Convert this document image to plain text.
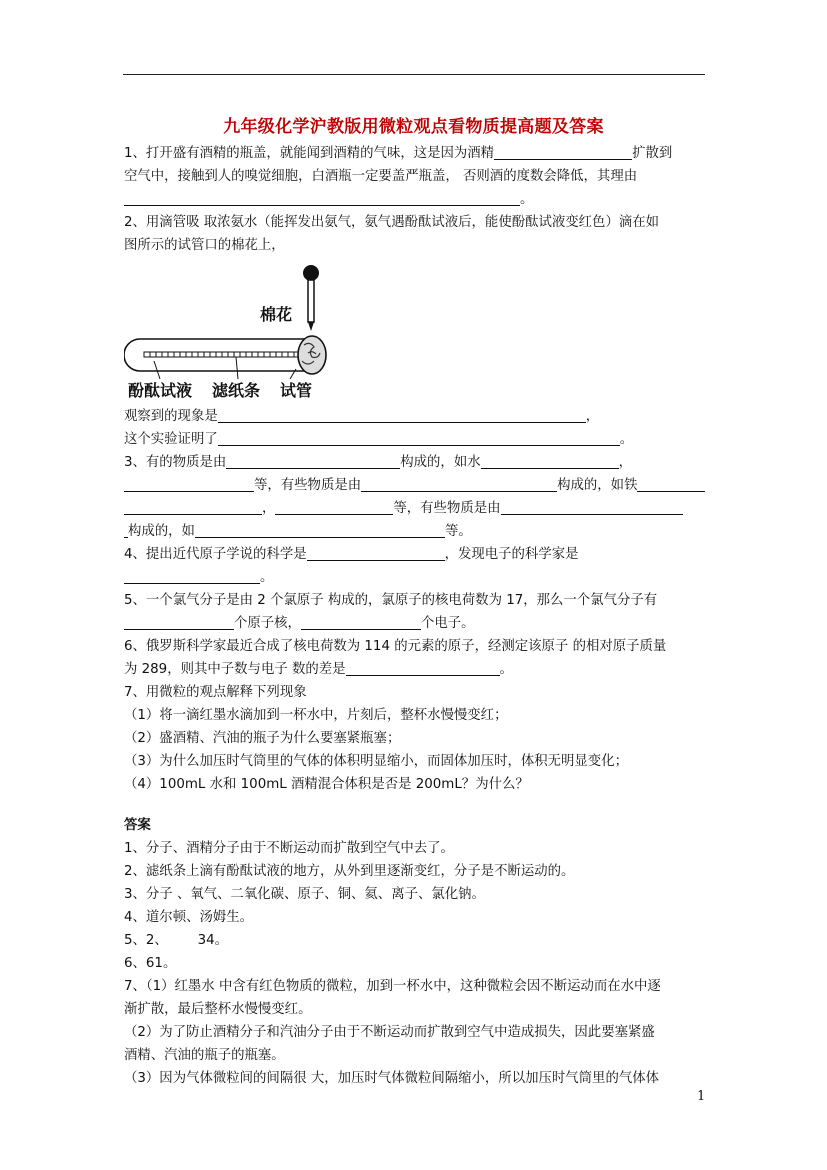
九年级化学沪教版用微粒观点看物质提高题及答案

1、打开盛有酒精的瓶盖，就能闻到酒精的气味，这是因为酒精	扩散到

空气中，接触到人的嗅觉细胞，白酒瓶一定要盖严瓶盖， 否则酒的度数会降低，其理由

。

2、用滴管吸 取浓氨水（能挥发出氨气，氨气遇酚酞试液后，能使酚酞试液变红色）滴在如

图所示的试管口的棉花上，

棉花
酚酞试液 滤纸条 试管

观察到的现象是	，

这个实验证明了	。

3、有的物质是由	构成的，如水	，

等，有些物质是由	构成的，如铁

，	等，有些物质是由

构成的，如	等。

4、提出近代原子学说的科学是	，发现电子的科学家是

。

5、一个氯气分子是由 2 个氯原子 构成的，氯原子的核电荷数为 17，那么一个氯气分子有

个原子核，	个电子。

6、俄罗斯科学家最近合成了核电荷数为 114 的元素的原子，经测定该原子 的相对原子质量

为 289，则其中子数与电子 数的差是	。

7、用微粒的观点解释下列现象

（1）将一滴红墨水滴加到一杯水中，片刻后，整杯水慢慢变红；

（2）盛酒精、汽油的瓶子为什么要塞紧瓶塞；

（3）为什么加压时气筒里的气体的体积明显缩小，而固体加压时，体积无明显变化；

（4）100mL 水和 100mL 酒精混合体积是否是 200mL？为什么？

答案

1、分子、酒精分子由于不断运动而扩散到空气中去了。

2、滤纸条上滴有酚酞试液的地方，从外到里逐渐变红，分子是不断运动的。

3、分子 、氧气、二氧化碳、原子、铜、氦、离子、氯化钠。

4、道尔顿、汤姆生。

5、2、       34。

6、61。

7、（1）红墨水 中含有红色物质的微粒，加到一杯水中，这种微粒会因不断运动而在水中逐

渐扩散，最后整杯水慢慢变红。

（2）为了防止酒精分子和汽油分子由于不断运动而扩散到空气中造成损失，因此要塞紧盛

酒精、汽油的瓶子的瓶塞。

（3）因为气体微粒间的间隔很 大，加压时气体微粒间隔缩小，所以加压时气筒里的气体体

1
